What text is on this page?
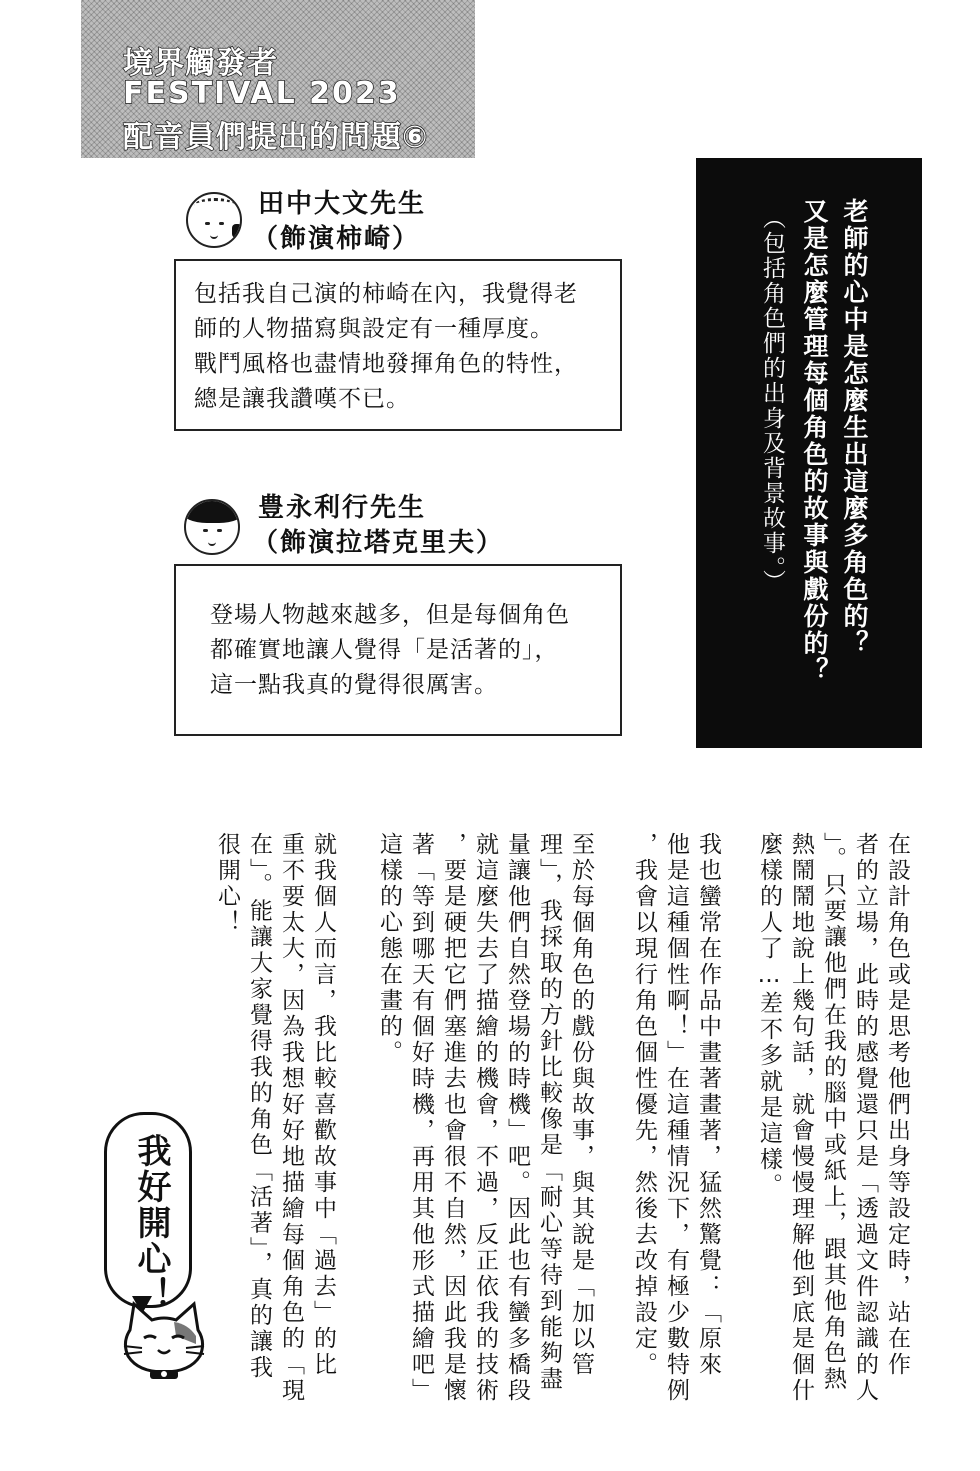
境界觸發者
FESTIVAL 2023
配音員們提出的問題⑥
田中大文先生
（飾演柿崎）
包括我自己演的柿崎在內，我覺得老
師的人物描寫與設定有一種厚度。
戰鬥風格也盡情地發揮角色的特性，
總是讓我讚嘆不已。
豊永利行先生
（飾演拉塔克里夫）
登場人物越來越多，但是每個角色
都確實地讓人覺得「是活著的」，
這一點我真的覺得很厲害。
老師的心中是怎麼生出這麼多角色的？
又是怎麼管理每個角色的故事與戲份的？
（包括角色們的出身及背景故事。）
在設計角色或是思考他們出身等設定時，站在作
者的立場，此時的感覺還只是「透過文件認識的人
」。只要讓他們在我的腦中或紙上，跟其他角色熱
熱鬧鬧地說上幾句話，就會慢慢理解他到底是個什
麼樣的人了…差不多就是這樣。
我也蠻常在作品中畫著畫著，猛然驚覺：「原來
他是這種個性啊！」在這種情況下，有極少數特例
，我會以現行角色個性優先，然後去改掉設定。
至於每個角色的戲份與故事，與其說是「加以管
理」，我採取的方針比較像是「耐心等待到能夠盡
量讓他們自然登場的時機」吧。因此也有蠻多橋段
就這麼失去了描繪的機會，不過，反正依我的技術
，要是硬把它們塞進去也會很不自然，因此我是懷
著「等到哪天有個好時機，再用其他形式描繪吧」
這樣的心態在畫的。
就我個人而言，我比較喜歡故事中「過去」的比
重不要太大，因為我想好好地描繪每個角色的「現
在」。能讓大家覺得我的角色「活著」，真的讓我
很開心！
我好開心！
